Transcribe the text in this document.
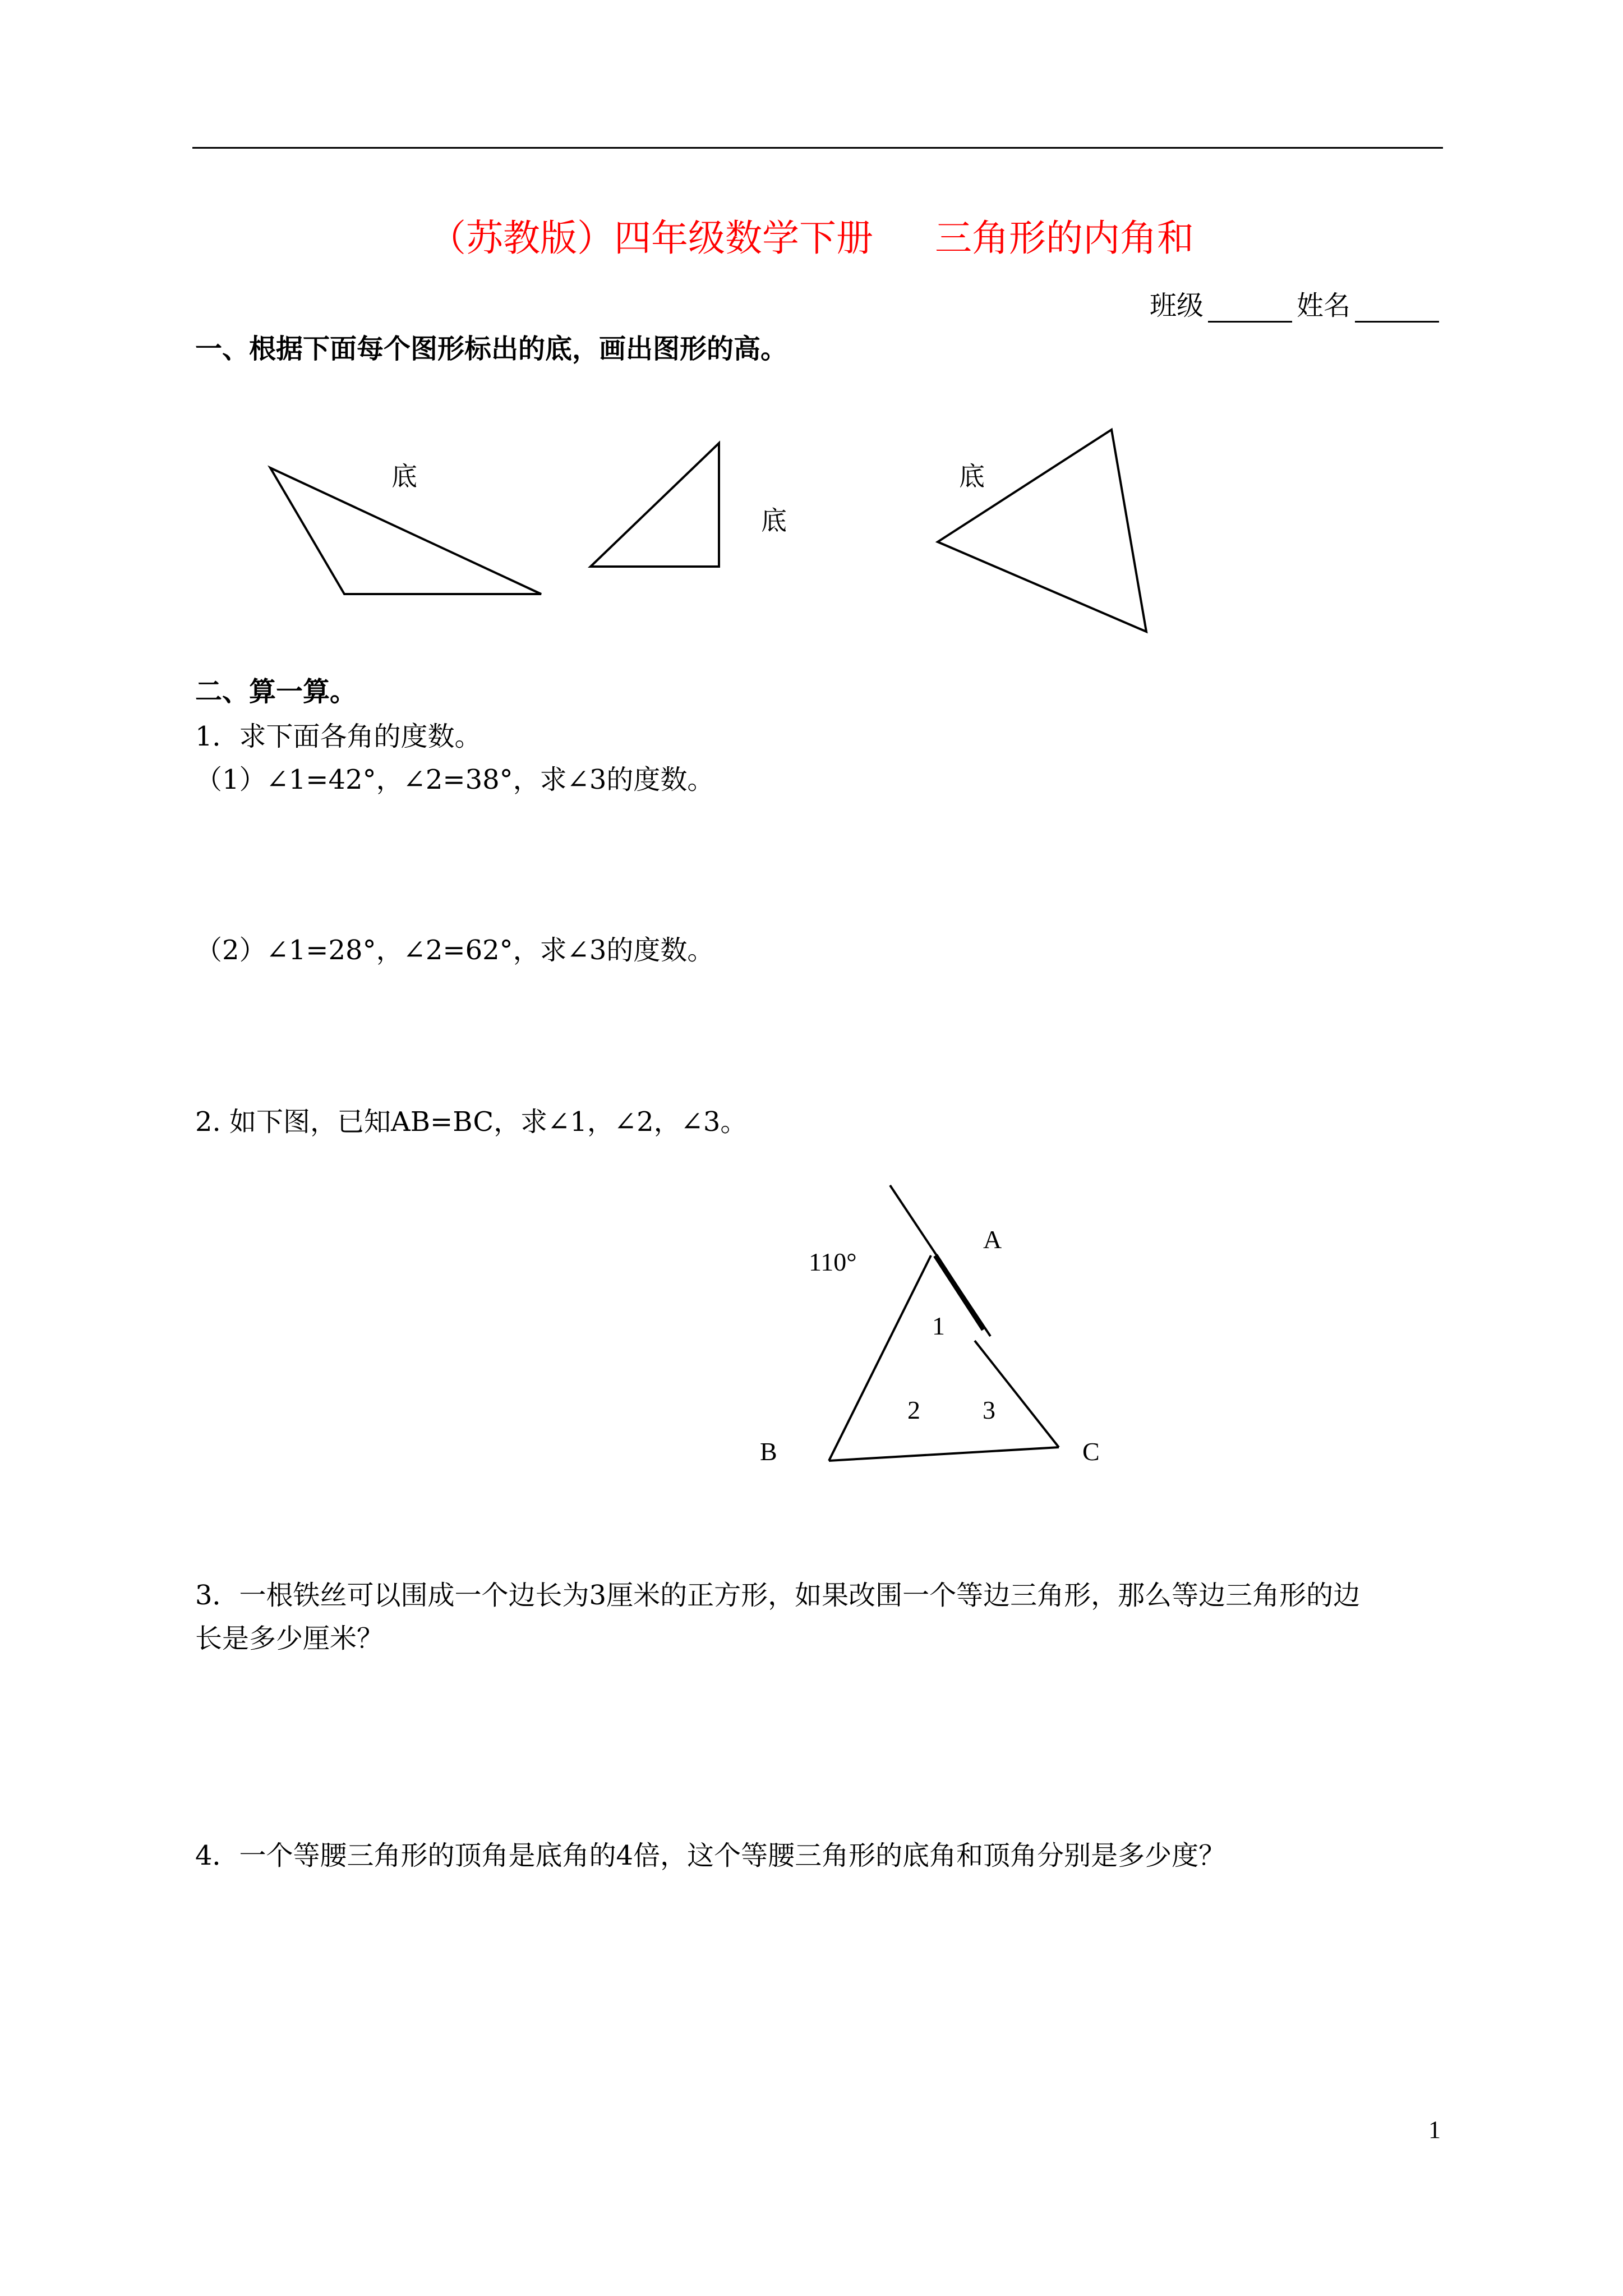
（苏教版）四年级数学下册 三角形的内角和
班级	姓名
一、根据下面每个图形标出的底，画出图形的高。
底
底
底
二、算一算。
1．求下面各角的度数。
（1）∠1=42°，∠2=38°，求∠3的度数。
（2）∠1=28°，∠2=62°，求∠3的度数。
2. 如下图，已知AB=BC，求∠1，∠2，∠3。
110°
A
B	C
1
2 3
3．一根铁丝可以围成一个边长为3厘米的正方形，如果改围一个等边三角形，那么等边三角形的边
长是多少厘米？
4．一个等腰三角形的顶角是底角的4倍，这个等腰三角形的底角和顶角分别是多少度？
1
